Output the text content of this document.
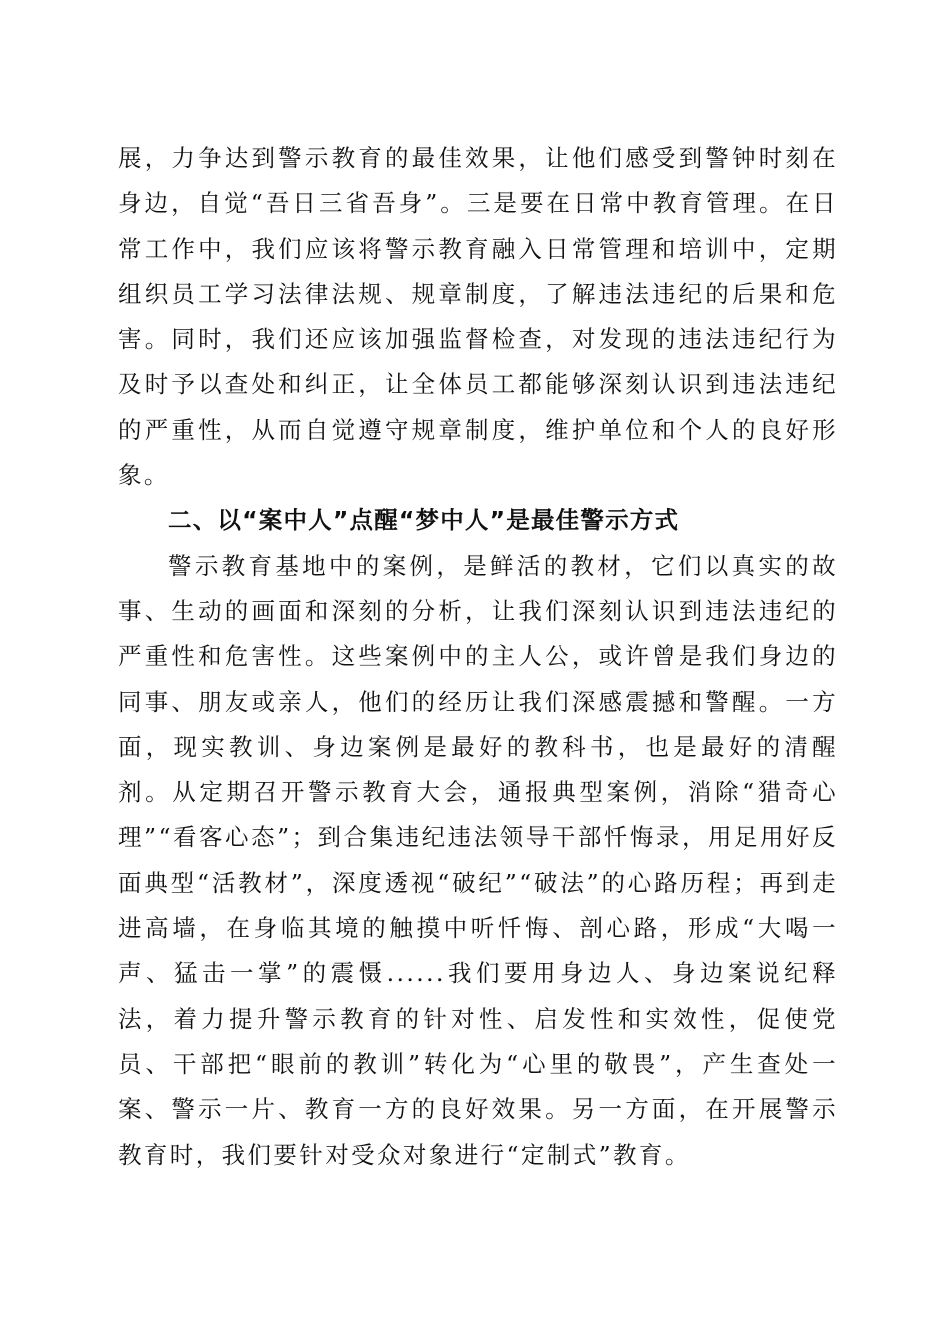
展，力争达到警示教育的最佳效果，让他们感受到警钟时刻在身边，自觉“吾日三省吾身”。三是要在日常中教育管理。在日常工作中，我们应该将警示教育融入日常管理和培训中，定期组织员工学习法律法规、规章制度，了解违法违纪的后果和危害。同时，我们还应该加强监督检查，对发现的违法违纪行为及时予以查处和纠正，让全体员工都能够深刻认识到违法违纪的严重性，从而自觉遵守规章制度，维护单位和个人的良好形象。

二、以“案中人”点醒“梦中人”是最佳警示方式

警示教育基地中的案例，是鲜活的教材，它们以真实的故事、生动的画面和深刻的分析，让我们深刻认识到违法违纪的严重性和危害性。这些案例中的主人公，或许曾是我们身边的同事、朋友或亲人，他们的经历让我们深感震撼和警醒。一方面，现实教训、身边案例是最好的教科书，也是最好的清醒剂。从定期召开警示教育大会，通报典型案例，消除“猎奇心理”“看客心态”；到合集违纪违法领导干部忏悔录，用足用好反面典型“活教材”，深度透视“破纪”“破法”的心路历程；再到走进高墙，在身临其境的触摸中听忏悔、剖心路，形成“大喝一声、猛击一掌”的震慑......我们要用身边人、身边案说纪释法，着力提升警示教育的针对性、启发性和实效性，促使党员、干部把“眼前的教训”转化为“心里的敬畏”，产生查处一案、警示一片、教育一方的良好效果。另一方面，在开展警示教育时，我们要针对受众对象进行“定制式”教育。
